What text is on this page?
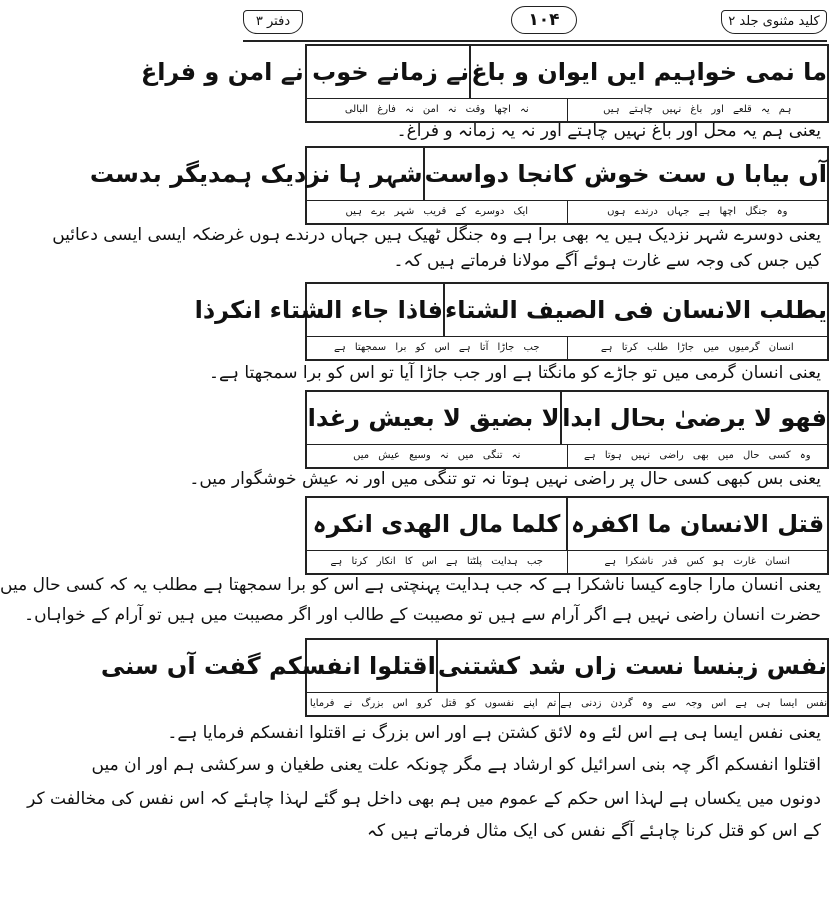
کلید مثنوی جلد ۲
۱۰۴
دفتر ۳
ما نمی خواہیم ایں ایوان و باغ
نے زمانے خوب نے امن و فراغ
ہم یہ قلعے اور باغ نہیں چاہتے ہیں
نہ اچھا وقت نہ امن نہ فارغ البالی
یعنی ہم یہ محل اور باغ نہیں چاہتے اور نہ یہ زمانہ و فراغ۔
آں بیابا ں ست خوش کانجا دواست
شہر ہا نزدیک ہمدیگر بدست
وہ جنگل اچھا ہے جہاں درندے ہوں
ایک دوسرے کے قریب شہر برے ہیں
یعنی دوسرے شہر نزدیک ہیں یہ بھی برا ہے وہ جنگل ٹھیک ہیں جہاں درندے ہوں غرضکہ ایسی ایسی دعائیں
کیں جس کی وجہ سے غارت ہوئے آگے مولانا فرماتے ہیں کہ۔
یطلب الانسان فی الصیف الشتاء
فاذا جاء الشتاء انکرذا
انسان گرمیوں میں جاڑا طلب کرتا ہے
جب جاڑا آتا ہے اس کو برا سمجھتا ہے
یعنی انسان گرمی میں تو جاڑے کو مانگتا ہے اور جب جاڑا آیا تو اس کو برا سمجھتا ہے۔
فھو لا یرضیٰ بحال ابدا
لا بضیق لا بعیش رغدا
وہ کسی حال میں بھی راضی نہیں ہوتا ہے
نہ تنگی میں نہ وسیع عیش میں
یعنی بس کبھی کسی حال پر راضی نہیں ہوتا نہ تو تنگی میں اور نہ عیش خوشگوار میں۔
قتل الانسان ما اکفرہ
کلما مال الھدی انکرہ
انسان غارت ہو کس قدر ناشکرا ہے
جب ہدایت پلٹتا ہے اس کا انکار کرتا ہے
یعنی انسان مارا جاوے کیسا ناشکرا ہے کہ جب ہدایت پہنچتی ہے اس کو برا سمجھتا ہے مطلب یہ کہ کسی حال میں
حضرت انسان راضی نہیں ہے اگر آرام سے ہیں تو مصیبت کے طالب اور اگر مصیبت میں ہیں تو آرام کے خواہاں۔
نفس زینسا نست زاں شد کشتنی
اقتلوا انفسکم گفت آں سنی
نفس ایسا ہی ہے اس وجہ سے وہ گردن زدنی ہے
تم اپنے نفسوں کو قتل کرو اس بزرگ نے فرمایا
یعنی نفس ایسا ہی ہے اس لئے وہ لائق کشتن ہے اور اس بزرگ نے اقتلوا انفسکم فرمایا ہے۔
اقتلوا انفسکم اگر چہ بنی اسرائیل کو ارشاد ہے مگر چونکہ علت یعنی طغیان و سرکشی ہم اور ان میں
دونوں میں یکساں ہے لہذا اس حکم کے عموم میں ہم بھی داخل ہو گئے لہذا چاہئے کہ اس نفس کی مخالفت کر
کے اس کو قتل کرنا چاہئے آگے نفس کی ایک مثال فرماتے ہیں کہ
